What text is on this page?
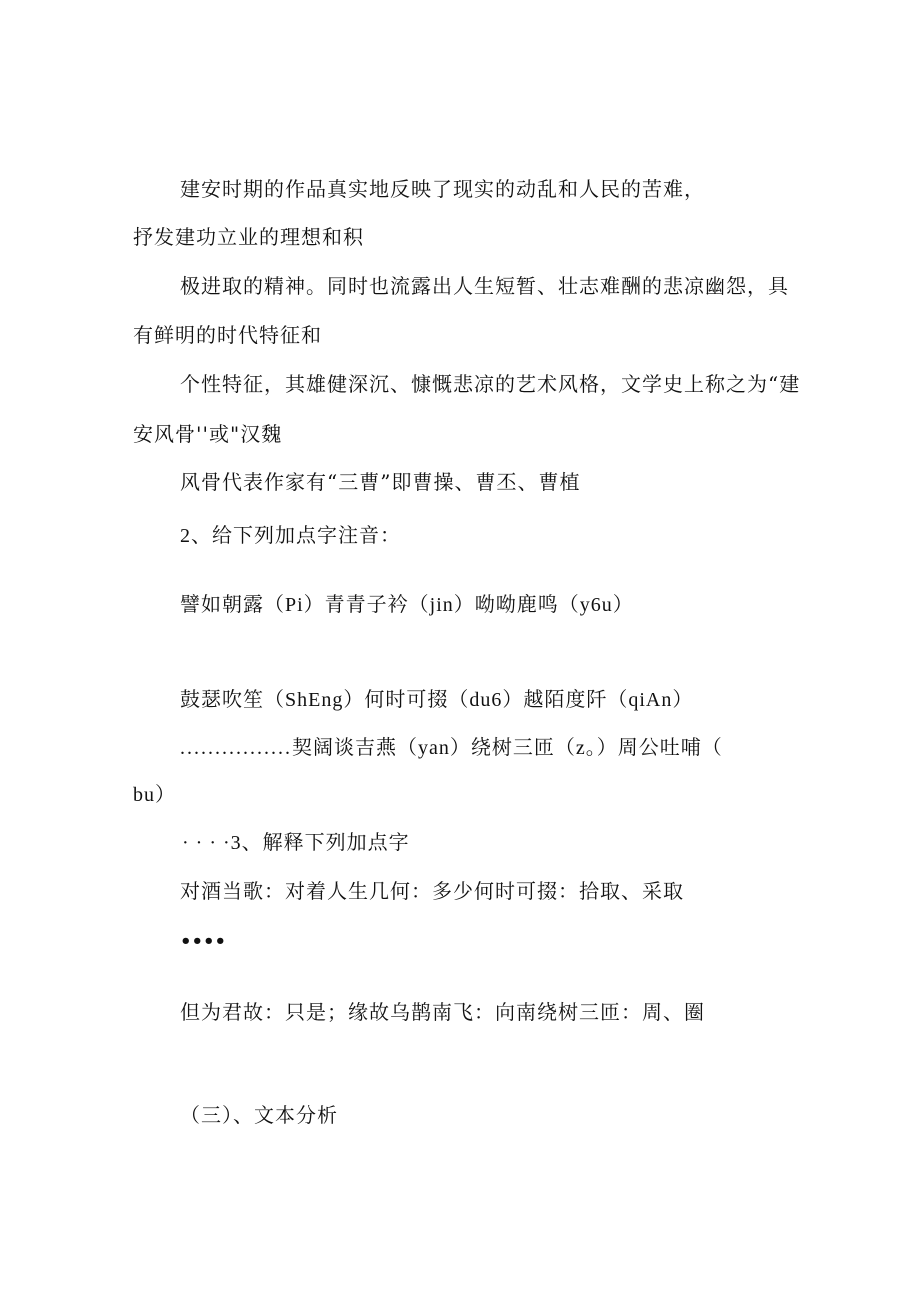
建安时期的作品真实地反映了现实的动乱和人民的苦难，
抒发建功立业的理想和积
极进取的精神。同时也流露出人生短暂、壮志难酬的悲凉幽怨，具
有鲜明的时代特征和
个性特征，其雄健深沉、慷慨悲凉的艺术风格，文学史上称之为“建
安风骨''或"汉魏
风骨代表作家有“三曹”即曹操、曹丕、曹植
2、给下列加点字注音：
譬如朝露（Pi）青青子衿（jin）呦呦鹿鸣（y6u）
鼓瑟吹笙（ShEng）何时可掇（du6）越陌度阡（qiAn）
................契阔谈吉燕（yan）绕树三匝（z。）周公吐哺（
bu）
· · · ·3、解释下列加点字
对酒当歌：对着人生几何：多少何时可掇：拾取、采取
••••
但为君故：只是；缘故乌鹊南飞：向南绕树三匝：周、圈
（三）、文本分析
